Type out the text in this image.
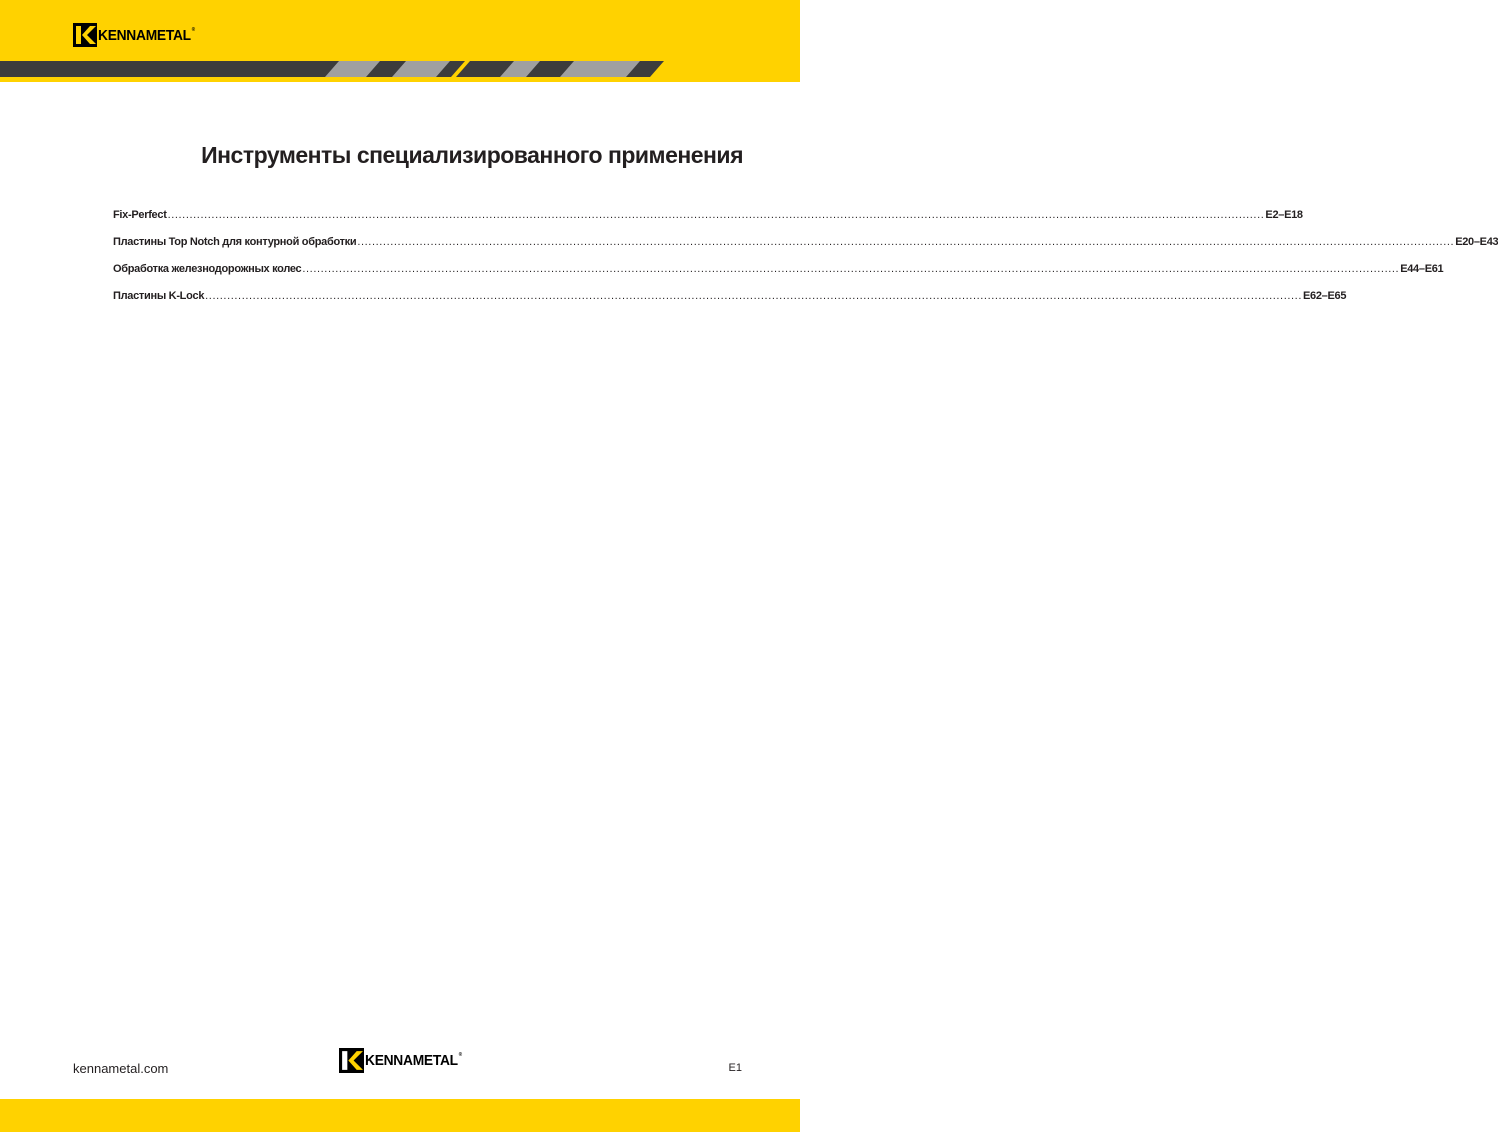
KENNAMETAL®
Инструменты специализированного применения
Fix-Perfect ............................................................................................................................................................................................................................................................................................................ E2–E18
Пластины Top Notch для контурной обработки ............................................................................................................................................................................................................................................................................................................ E20–E43
Обработка железнодорожных колес ............................................................................................................................................................................................................................................................................................................ E44–E61
Пластины K-Lock ............................................................................................................................................................................................................................................................................................................ E62–E65
kennametal.com	KENNAMETAL®
E1
